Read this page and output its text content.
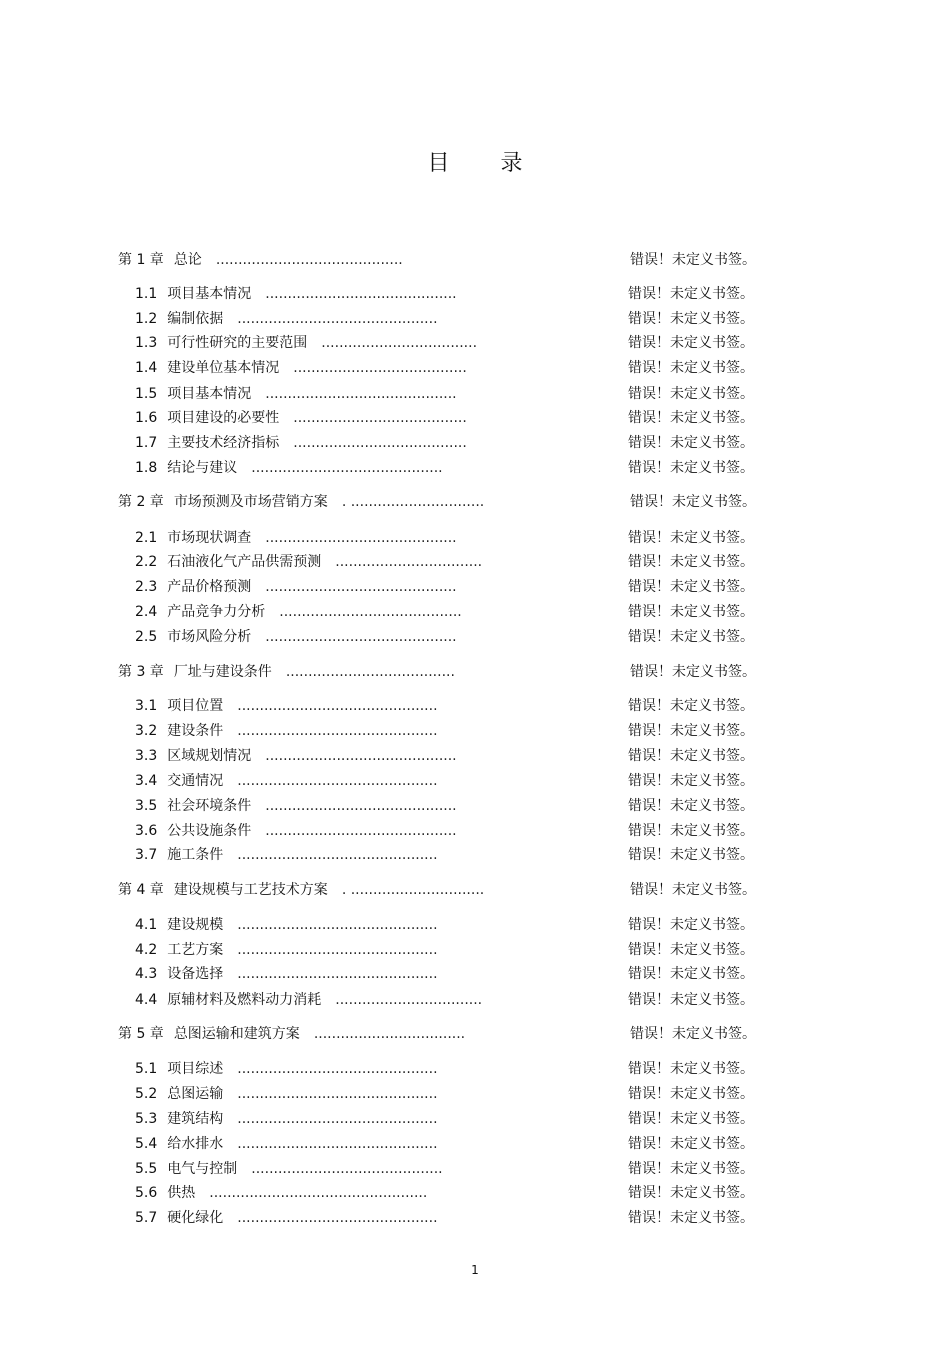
目 录
第 1 章 总论 ..........................................	错误！未定义书签。
1.1 项目基本情况 ...........................................	错误！未定义书签。
1.2 编制依据 .............................................	错误！未定义书签。
1.3 可行性研究的主要范围 ...................................	错误！未定义书签。
1.4 建设单位基本情况 .......................................	错误！未定义书签。
1.5 项目基本情况 ...........................................	错误！未定义书签。
1.6 项目建设的必要性 .......................................	错误！未定义书签。
1.7 主要技术经济指标 .......................................	错误！未定义书签。
1.8 结论与建议 ...........................................	错误！未定义书签。
第 2 章 市场预测及市场营销方案 . ..............................	错误！未定义书签。
2.1 市场现状调查 ...........................................	错误！未定义书签。
2.2 石油液化气产品供需预测 .................................	错误！未定义书签。
2.3 产品价格预测 ...........................................	错误！未定义书签。
2.4 产品竞争力分析 .........................................	错误！未定义书签。
2.5 市场风险分析 ...........................................	错误！未定义书签。
第 3 章 厂址与建设条件 ......................................	错误！未定义书签。
3.1 项目位置 .............................................	错误！未定义书签。
3.2 建设条件 .............................................	错误！未定义书签。
3.3 区域规划情况 ...........................................	错误！未定义书签。
3.4 交通情况 .............................................	错误！未定义书签。
3.5 社会环境条件 ...........................................	错误！未定义书签。
3.6 公共设施条件 ...........................................	错误！未定义书签。
3.7 施工条件 .............................................	错误！未定义书签。
第 4 章 建设规模与工艺技术方案 . ..............................	错误！未定义书签。
4.1 建设规模 .............................................	错误！未定义书签。
4.2 工艺方案 .............................................	错误！未定义书签。
4.3 设备选择 .............................................	错误！未定义书签。
4.4 原辅材料及燃料动力消耗 .................................	错误！未定义书签。
第 5 章 总图运输和建筑方案 ..................................	错误！未定义书签。
5.1 项目综述 .............................................	错误！未定义书签。
5.2 总图运输 .............................................	错误！未定义书签。
5.3 建筑结构 .............................................	错误！未定义书签。
5.4 给水排水 .............................................	错误！未定义书签。
5.5 电气与控制 ...........................................	错误！未定义书签。
5.6 供热 .................................................	错误！未定义书签。
5.7 硬化绿化 .............................................	错误！未定义书签。
1
